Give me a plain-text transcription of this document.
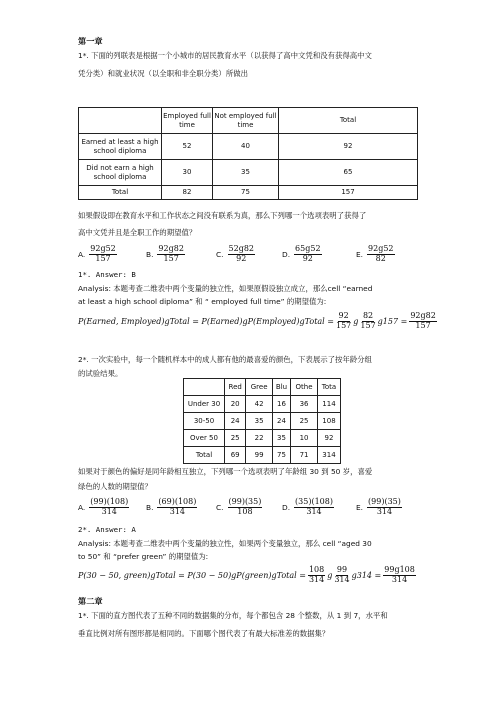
第一章
1*. 下面的列联表是根据一个小城市的居民教育水平（以获得了高中文凭和没有获得高中文
凭分类）和就业状况（以全职和非全职分类）所做出
	Employed full time	Not employed full time	Total
Earned at least a high school diploma	52	40	92
Did not earn a high school diploma	30	35	65
Total	82	75	157
如果假设即在教育水平和工作状态之间没有联系为真，那么下列哪一个选项表明了获得了
高中文凭并且是全职工作的期望值？
A. $\frac{92g52}{157}$	B. $\frac{92g82}{157}$	C. $\frac{52g82}{92}$	D. $\frac{65g52}{92}$	E. $\frac{92g52}{82}$
1*. Answer: B
Analysis: 本题考查二维表中两个变量的独立性，如果原假设独立成立，那么cell “earned
at least a high school diploma” 和 “ employed full time” 的期望值为:
P(Earned, Employed)gTotal = P(Earned)gP(Employed)gTotal = $\frac{92}{157}$ g $\frac{82}{157} g157 = \frac{92g82}{157}$
2*. 一次实验中，每一个随机样本中的成人都有他的最喜爱的颜色，下表展示了按年龄分组
的试验结果。
	Red	Gree	Blu	Othe	Tota
Under 30	20	42	16	36	114
30-50	24	35	24	25	108
Over 50	25	22	35	10	92
Total	69	99	75	71	314
如果对于颜色的偏好是同年龄相互独立，下列哪一个选项表明了年龄组 30 到 50 岁，喜爱
绿色的人数的期望值？
A. $\frac{(99)(108)}{314} B$. $\frac{(69)(108)}{314}$	C. $\frac{(99)(35)}{108}$	D. $\frac{(35)(108)}{314}$	E. $\frac{(99)(35)}{314}$
2*. Answer: A
Analysis: 本题考查二维表中两个变量的独立性，如果两个变量独立，那么 cell “aged 30
to 50” 和 “prefer green” 的期望值为:
P(30 − 50, green)gTotal = P(30 − 50)gP(green)gTotal = $\frac{108}{314}$ g $\frac{99}{314} g314 = \frac{99g108}{314}$
第二章
1*. 下面的直方图代表了五种不同的数据集的分布，每个都包含 28 个整数，从 1 到 7，水平和
垂直比例对所有图形都是相同的。下面哪个图代表了有最大标准差的数据集？
